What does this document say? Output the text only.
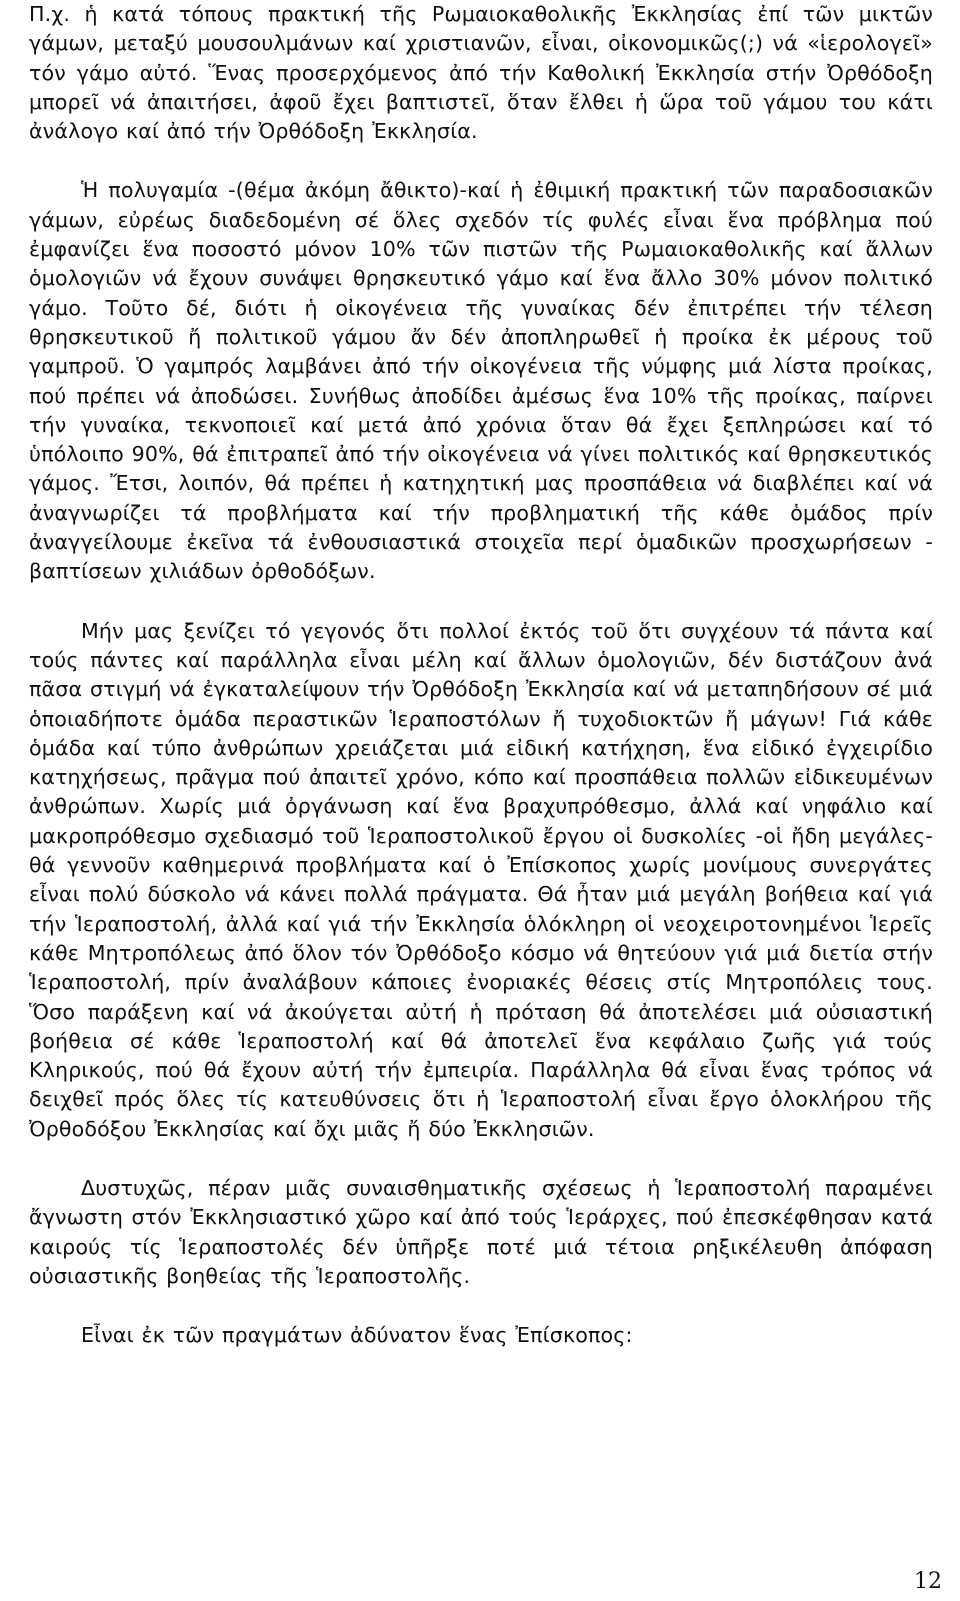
Π.χ. ἡ κατά τόπους πρακτική τῆς Ρωμαιοκαθολικῆς Ἐκκλησίας ἐπί τῶν μικτῶν γάμων, μεταξύ μουσουλμάνων καί χριστιανῶν, εἶναι, οἰκονομικῶς(;) νά «ἱερολογεῖ» τόν γάμο αὐτό. Ἕνας προσερχόμενος ἀπό τήν Καθολική Ἐκκλησία στήν Ὀρθόδοξη μπορεῖ νά ἀπαιτήσει, ἀφοῦ ἔχει βαπτιστεῖ, ὅταν ἔλθει ἡ ὥρα τοῦ γάμου του κάτι ἀνάλογο καί ἀπό τήν Ὀρθόδοξη Ἐκκλησία.

Ἡ πολυγαμία -(θέμα ἀκόμη ἄθικτο)-καί ἡ ἐθιμική πρακτική τῶν παραδοσιακῶν γάμων, εὐρέως διαδεδομένη σέ ὅλες σχεδόν τίς φυλές εἶναι ἕνα πρόβλημα πού ἐμφανίζει ἕνα ποσοστό μόνον 10% τῶν πιστῶν τῆς Ρωμαιοκαθολικῆς καί ἄλλων ὁμολογιῶν νά ἔχουν συνάψει θρησκευτικό γάμο καί ἕνα ἄλλο 30% μόνον πολιτικό γάμο. Τοῦτο δέ, διότι ἡ οἰκογένεια τῆς γυναίκας δέν ἐπιτρέπει τήν τέλεση θρησκευτικοῦ ἤ πολιτικοῦ γάμου ἄν δέν ἀποπληρωθεῖ ἡ προίκα ἐκ μέρους τοῦ γαμπροῦ. Ὁ γαμπρός λαμβάνει ἀπό τήν οἰκογένεια τῆς νύμφης μιά λίστα προίκας, πού πρέπει νά ἀποδώσει. Συνήθως ἀποδίδει ἀμέσως ἕνα 10% τῆς προίκας, παίρνει τήν γυναίκα, τεκνοποιεῖ καί μετά ἀπό χρόνια ὅταν θά ἔχει ξεπληρώσει καί τό ὑπόλοιπο 90%, θά ἐπιτραπεῖ ἀπό τήν οἰκογένεια νά γίνει πολιτικός καί θρησκευτικός γάμος. Ἔτσι, λοιπόν, θά πρέπει ἡ κατηχητική μας προσπάθεια νά διαβλέπει καί νά ἀναγνωρίζει τά προβλήματα καί τήν προβληματική τῆς κάθε ὁμάδος πρίν ἀναγγείλουμε ἐκεῖνα τά ἐνθουσιαστικά στοιχεῖα περί ὁμαδικῶν προσχωρήσεων - βαπτίσεων χιλιάδων ὀρθοδόξων.

Μήν μας ξενίζει τό γεγονός ὅτι πολλοί ἐκτός τοῦ ὅτι συγχέουν τά πάντα καί τούς πάντες καί παράλληλα εἶναι μέλη καί ἄλλων ὁμολογιῶν, δέν διστάζουν ἀνά πᾶσα στιγμή νά ἐγκαταλείψουν τήν Ὀρθόδοξη Ἐκκλησία καί νά μεταπηδήσουν σέ μιά ὁποιαδήποτε ὁμάδα περαστικῶν Ἱεραποστόλων ἤ τυχοδιοκτῶν ἤ μάγων! Γιά κάθε ὁμάδα καί τύπο ἀνθρώπων χρειάζεται μιά εἰδική κατήχηση, ἕνα εἰδικό ἐγχειρίδιο κατηχήσεως, πρᾶγμα πού ἀπαιτεῖ χρόνο, κόπο καί προσπάθεια πολλῶν εἰδικευμένων ἀνθρώπων. Χωρίς μιά ὀργάνωση καί ἕνα βραχυπρόθεσμο, ἀλλά καί νηφάλιο καί μακροπρόθεσμο σχεδιασμό τοῦ Ἱεραποστολικοῦ ἔργου οἱ δυσκολίες -οἱ ἤδη μεγάλες- θά γεννοῦν καθημερινά προβλήματα καί ὁ Ἐπίσκοπος χωρίς μονίμους συνεργάτες εἶναι πολύ δύσκολο νά κάνει πολλά πράγματα. Θά ἦταν μιά μεγάλη βοήθεια καί γιά τήν Ἱεραποστολή, ἀλλά καί γιά τήν Ἐκκλησία ὁλόκληρη οἱ νεοχειροτονημένοι Ἱερεῖς κάθε Μητροπόλεως ἀπό ὅλον τόν Ὀρθόδοξο κόσμο νά θητεύουν γιά μιά διετία στήν Ἱεραποστολή, πρίν ἀναλάβουν κάποιες ἐνοριακές θέσεις στίς Μητροπόλεις τους. Ὅσο παράξενη καί νά ἀκούγεται αὐτή ἡ πρόταση θά ἀποτελέσει μιά οὐσιαστική βοήθεια σέ κάθε Ἱεραποστολή καί θά ἀποτελεῖ ἕνα κεφάλαιο ζωῆς γιά τούς Κληρικούς, πού θά ἔχουν αὐτή τήν ἐμπειρία. Παράλληλα θά εἶναι ἕνας τρόπος νά δειχθεῖ πρός ὅλες τίς κατευθύνσεις ὅτι ἡ Ἱεραποστολή εἶναι ἔργο ὁλοκλήρου τῆς Ὀρθοδόξου Ἐκκλησίας καί ὄχι μιᾶς ἤ δύο Ἐκκλησιῶν.

Δυστυχῶς, πέραν μιᾶς συναισθηματικῆς σχέσεως ἡ Ἱεραποστολή παραμένει ἄγνωστη στόν Ἐκκλησιαστικό χῶρο καί ἀπό τούς Ἱεράρχες, πού ἐπεσκέφθησαν κατά καιρούς τίς Ἱεραποστολές δέν ὑπῆρξε ποτέ μιά τέτοια ρηξικέλευθη ἀπόφαση οὐσιαστικῆς βοηθείας τῆς Ἱεραποστολῆς.

Εἶναι ἐκ τῶν πραγμάτων ἀδύνατον ἕνας Ἐπίσκοπος:

12
